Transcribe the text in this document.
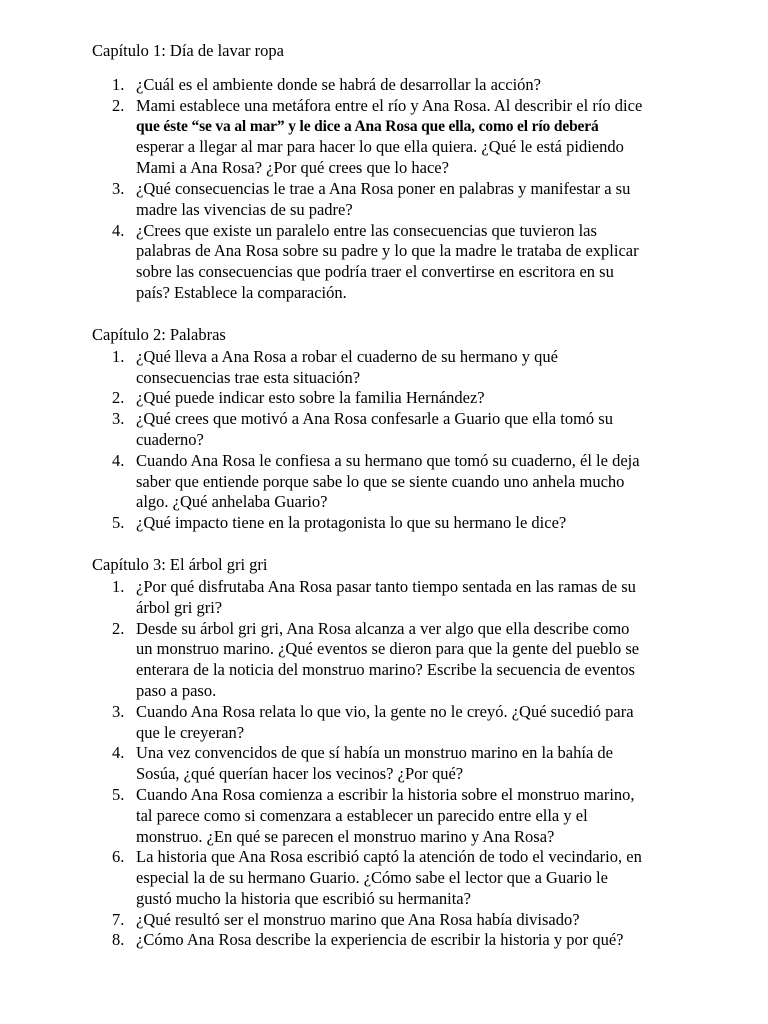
Capítulo 1: Día de lavar ropa
1. ¿Cuál es el ambiente donde se habrá de desarrollar la acción?
2. Mami establece una metáfora entre el río y Ana Rosa. Al describir el río dice
que éste “se va al mar” y le dice a Ana Rosa que ella, como el río deberá
esperar a llegar al mar para hacer lo que ella quiera. ¿Qué le está pidiendo
Mami a Ana Rosa? ¿Por qué crees que lo hace?
3. ¿Qué consecuencias le trae a Ana Rosa poner en palabras y manifestar a su
madre las vivencias de su padre?
4. ¿Crees que existe un paralelo entre las consecuencias que tuvieron las
palabras de Ana Rosa sobre su padre y lo que la madre le trataba de explicar
sobre las consecuencias que podría traer el convertirse en escritora en su
país? Establece la comparación.
Capítulo 2: Palabras
1. ¿Qué lleva a Ana Rosa a robar el cuaderno de su hermano y qué
consecuencias trae esta situación?
2. ¿Qué puede indicar esto sobre la familia Hernández?
3. ¿Qué crees que motivó a Ana Rosa confesarle a Guario que ella tomó su
cuaderno?
4. Cuando Ana Rosa le confiesa a su hermano que tomó su cuaderno, él le deja
saber que entiende porque sabe lo que se siente cuando uno anhela mucho
algo. ¿Qué anhelaba Guario?
5. ¿Qué impacto tiene en la protagonista lo que su hermano le dice?
Capítulo 3: El árbol gri gri
1. ¿Por qué disfrutaba Ana Rosa pasar tanto tiempo sentada en las ramas de su
árbol gri gri?
2. Desde su árbol gri gri, Ana Rosa alcanza a ver algo que ella describe como
un monstruo marino. ¿Qué eventos se dieron para que la gente del pueblo se
enterara de la noticia del monstruo marino? Escribe la secuencia de eventos
paso a paso.
3. Cuando Ana Rosa relata lo que vio, la gente no le creyó. ¿Qué sucedió para
que le creyeran?
4. Una vez convencidos de que sí había un monstruo marino en la bahía de
Sosúa, ¿qué querían hacer los vecinos? ¿Por qué?
5. Cuando Ana Rosa comienza a escribir la historia sobre el monstruo marino,
tal parece como si comenzara a establecer un parecido entre ella y el
monstruo. ¿En qué se parecen el monstruo marino y Ana Rosa?
6. La historia que Ana Rosa escribió captó la atención de todo el vecindario, en
especial la de su hermano Guario. ¿Cómo sabe el lector que a Guario le
gustó mucho la historia que escribió su hermanita?
7. ¿Qué resultó ser el monstruo marino que Ana Rosa había divisado?
8. ¿Cómo Ana Rosa describe la experiencia de escribir la historia y por qué?
